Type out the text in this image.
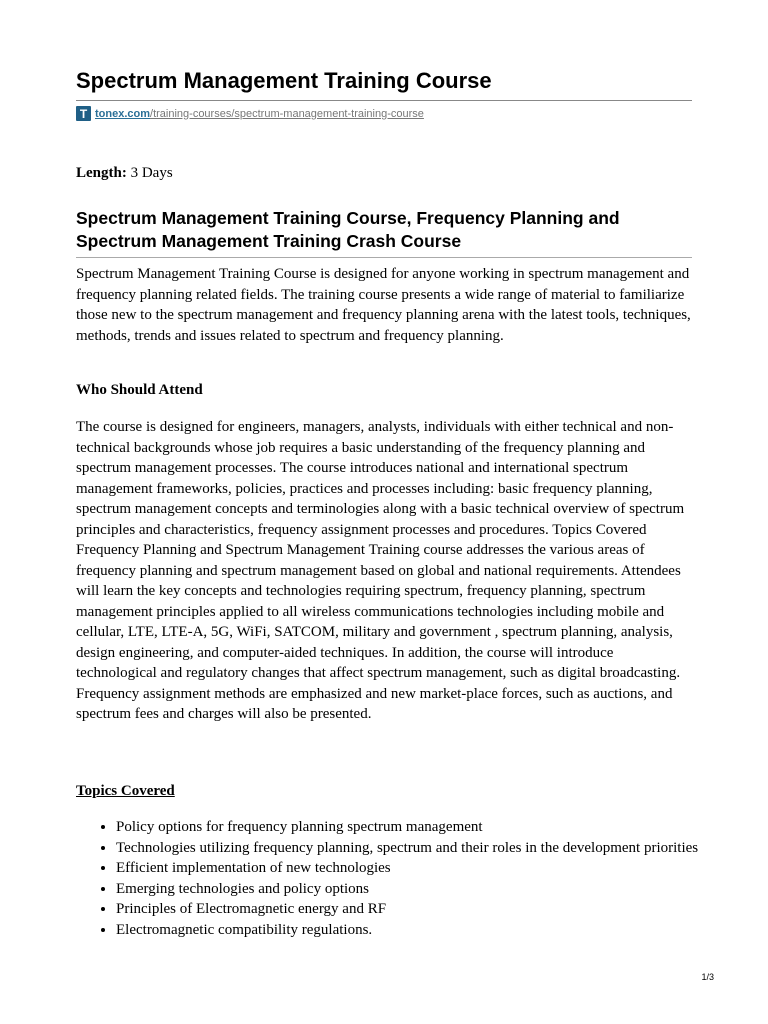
Spectrum Management Training Course
T tonex.com/training-courses/spectrum-management-training-course
Length: 3 Days
Spectrum Management Training Course, Frequency Planning and Spectrum Management Training Crash Course

Spectrum Management Training Course is designed for anyone working in spectrum management and frequency planning related fields. The training course presents a wide range of material to familiarize those new to the spectrum management and frequency planning arena with the latest tools, techniques, methods, trends and issues related to spectrum and frequency planning.

Who Should Attend

The course is designed for engineers, managers, analysts, individuals with either technical and non-technical backgrounds whose job requires a basic understanding of the frequency planning and spectrum management processes. The course introduces national and international spectrum management frameworks, policies, practices and processes including: basic frequency planning, spectrum management concepts and terminologies along with a basic technical overview of spectrum principles and characteristics, frequency assignment processes and procedures. Topics Covered Frequency Planning and Spectrum Management Training course addresses the various areas of frequency planning and spectrum management based on global and national requirements. Attendees will learn the key concepts and technologies requiring spectrum, frequency planning, spectrum management principles applied to all wireless communications technologies including mobile and cellular, LTE, LTE-A, 5G, WiFi, SATCOM, military and government , spectrum planning, analysis, design engineering, and computer-aided techniques. In addition, the course will introduce technological and regulatory changes that affect spectrum management, such as digital broadcasting. Frequency assignment methods are emphasized and new market-place forces, such as auctions, and spectrum fees and charges will also be presented.

Topics Covered
• Policy options for frequency planning spectrum management
• Technologies utilizing frequency planning, spectrum and their roles in the development priorities
• Efficient implementation of new technologies
• Emerging technologies and policy options
• Principles of Electromagnetic energy and RF
• Electromagnetic compatibility regulations.
1/3
